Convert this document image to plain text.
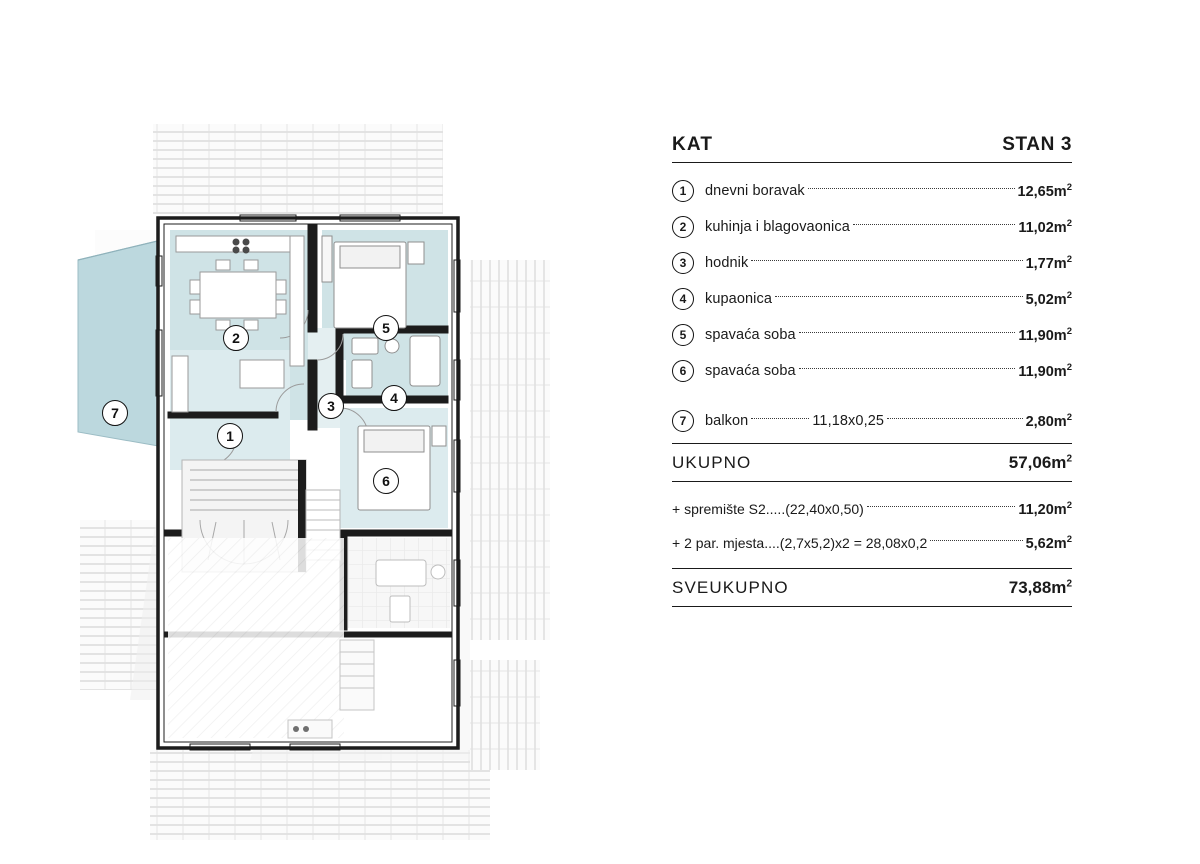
2
5
7	3	4
1
6
KAT	STAN 3
1	dnevni boravak	$12,65m^2$
2	kuhinja i blagovaonica	$11,02m^2$
3	hodnik	$1,77m^2$
4	kupaonica	$5,02m^2$
5	spavaća soba	$11,90m^2$
6	spavaća soba	$11,90m^2$
7	balkon	11,18x0,25	$2,80m^2$
UKUPNO	$57,06m^2$
+ spremište S2.....(22,40x0,50)	$11,20m^2$
+ 2 par. mjesta....(2,7x5,2)x2 = 28,08x0,2	$5,62m^2$
SVEUKUPNO	$73,88m^2$
